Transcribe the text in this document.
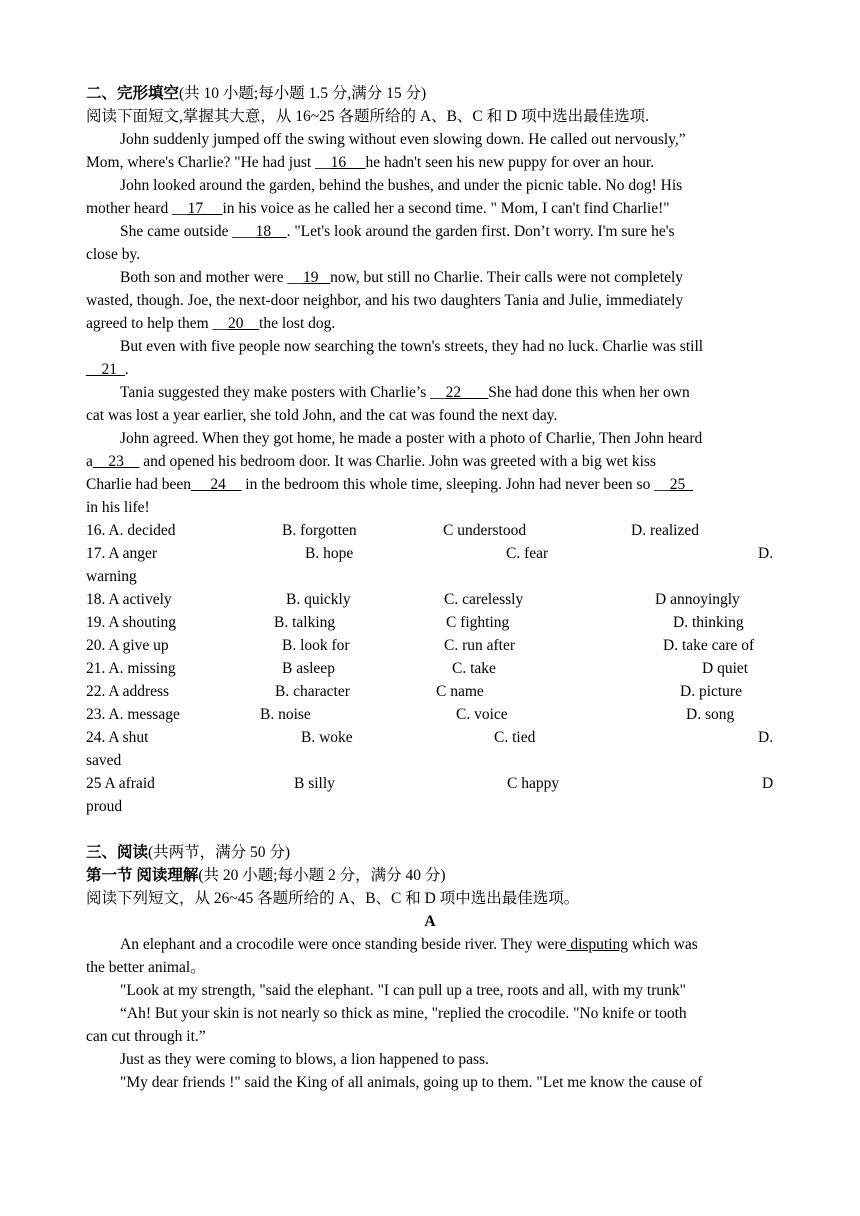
二、完形填空(共 10 小题;每小题 1.5 分,满分 15 分)
阅读下面短文,掌握其大意，从 16~25 各题所给的 A、B、C 和 D 项中选出最佳选项.
John suddenly jumped off the swing without even slowing down. He called out nervously,”
Mom, where's Charlie? "He had just __16 __he hadn't seen his new puppy for over an hour.
John looked around the garden, behind the bushes, and under the picnic table. No dog! His
mother heard __17 __in his voice as he called her a second time. " Mom, I can't find Charlie!"
She came outside ___18__. "Let's look around the garden first. Don’t worry. I'm sure he's
close by.
Both son and mother were __19 _now, but still no Charlie. Their calls were not completely
wasted, though. Joe, the next-door neighbor, and his two daughters Tania and Julie, immediately
agreed to help them __20__the lost dog.
But even with five people now searching the town's streets, they had no luck. Charlie was still
__21_.
Tania suggested they make posters with Charlie’s __22 ___She had done this when her own
cat was lost a year earlier, she told John, and the cat was found the next day.
John agreed. When they got home, he made a poster with a photo of Charlie, Then John heard
a__23__ and opened his bedroom door. It was Charlie. John was greeted with a big wet kiss
Charlie had been_ _24__ in the bedroom this whole time, sleeping. John had never been so __25_
in his life!
16. A. decided	B. forgotten	C understood	D. realized
17. A anger	B. hope	C. fear	D.
warning
18. A actively	B. quickly	C. carelessly	D annoyingly
19. A shouting	B. talking	C fighting	D. thinking
20. A give up	B. look for	C. run after	D. take care of
21. A. missing	B asleep	C. take	D quiet
22. A address	B. character	C name	D. picture
23. A. message	B. noise	C. voice	D. song
24. A shut	B. woke	C. tied	D.
saved
25 A afraid	B silly	C happy	D
proud
三、阅读(共两节，满分 50 分)
第一节 阅读理解(共 20 小题;每小题 2 分，满分 40 分)
阅读下列短文，从 26~45 各题所给的 A、B、C 和 D 项中选出最佳选项。
A
An elephant and a crocodile were once standing beside river. They were disputing which was
the better animal。
"Look at my strength, "said the elephant. "I can pull up a tree, roots and all, with my trunk"
“Ah! But your skin is not nearly so thick as mine, "replied the crocodile. "No knife or tooth
can cut through it.”
Just as they were coming to blows, a lion happened to pass.
"My dear friends !" said the King of all animals, going up to them. "Let me know the cause of
